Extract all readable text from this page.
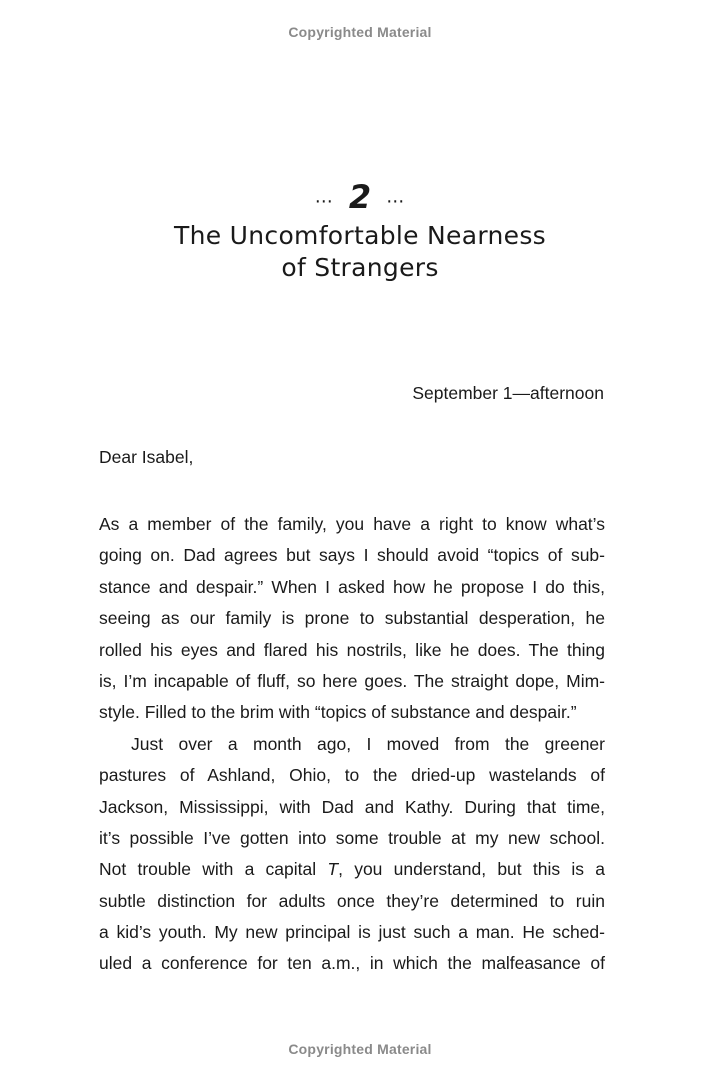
Copyrighted Material
… 2 …
The Uncomfortable Nearness
of Strangers
September 1—afternoon
Dear Isabel,
As a member of the family, you have a right to know what’s
going on. Dad agrees but says I should avoid “topics of sub-
stance and despair.” When I asked how he propose I do this,
seeing as our family is prone to substantial desperation, he
rolled his eyes and flared his nostrils, like he does. The thing
is, I’m incapable of fluff, so here goes. The straight dope, Mim-
style. Filled to the brim with “topics of substance and despair.”
Just over a month ago, I moved from the greener
pastures of Ashland, Ohio, to the dried-up wastelands of
Jackson, Mississippi, with Dad and Kathy. During that time,
it’s possible I’ve gotten into some trouble at my new school.
Not trouble with a capital T, you understand, but this is a
subtle distinction for adults once they’re determined to ruin
a kid’s youth. My new principal is just such a man. He sched-
uled a conference for ten a.m., in which the malfeasance of
Copyrighted Material
